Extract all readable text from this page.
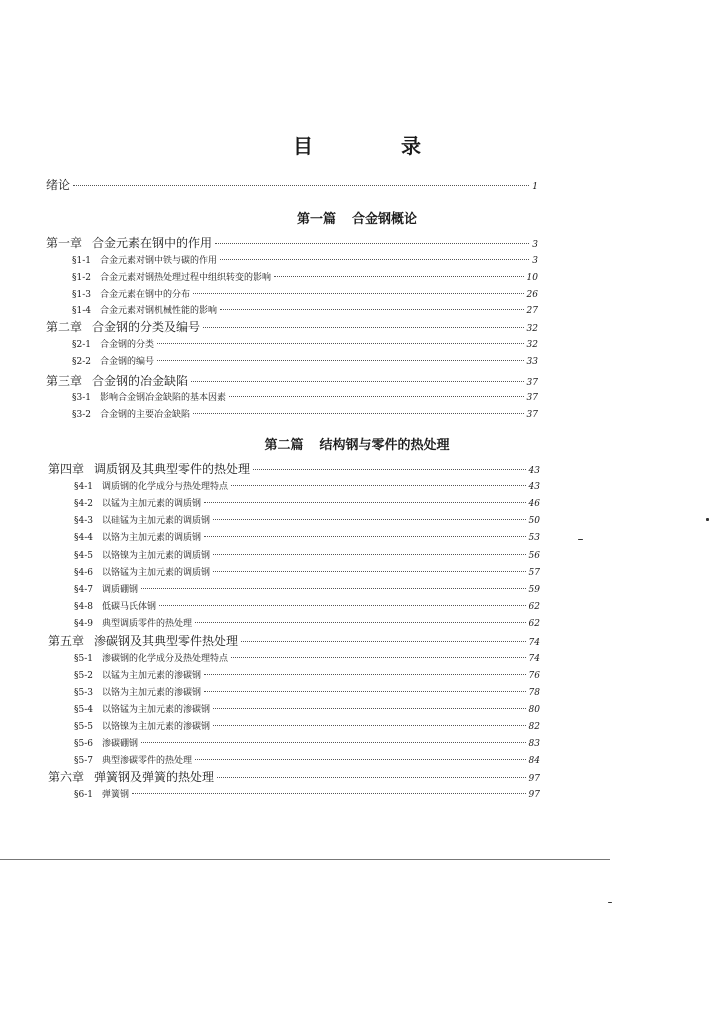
目　录
绪论	1
第一篇 合金钢概论
第一章 合金元素在钢中的作用	3
§1-1 合金元素对钢中铁与碳的作用	3
§1-2 合金元素对钢热处理过程中组织转变的影响	10
§1-3 合金元素在钢中的分布	26
§1-4 合金元素对钢机械性能的影响	27
第二章 合金钢的分类及编号	32
§2-1 合金钢的分类	32
§2-2 合金钢的编号	33
第三章 合金钢的冶金缺陷	37
§3-1 影响合金钢冶金缺陷的基本因素	37
§3-2 合金钢的主要冶金缺陷	37
第二篇 结构钢与零件的热处理
第四章 调质钢及其典型零件的热处理	43
§4-1 调质钢的化学成分与热处理特点	43
§4-2 以锰为主加元素的调质钢	46
§4-3 以硅锰为主加元素的调质钢	50
§4-4 以铬为主加元素的调质钢	53
§4-5 以铬镍为主加元素的调质钢	56
§4-6 以铬锰为主加元素的调质钢	57
§4-7 调质硼钢	59
§4-8 低碳马氏体钢	62
§4-9 典型调质零件的热处理	62
第五章 渗碳钢及其典型零件热处理	74
§5-1 渗碳钢的化学成分及热处理特点	74
§5-2 以锰为主加元素的渗碳钢	76
§5-3 以铬为主加元素的渗碳钢	78
§5-4 以铬锰为主加元素的渗碳钢	80
§5-5 以铬镍为主加元素的渗碳钢	82
§5-6 渗碳硼钢	83
§5-7 典型渗碳零件的热处理	84
第六章 弹簧钢及弹簧的热处理	97
§6-1 弹簧钢	97
